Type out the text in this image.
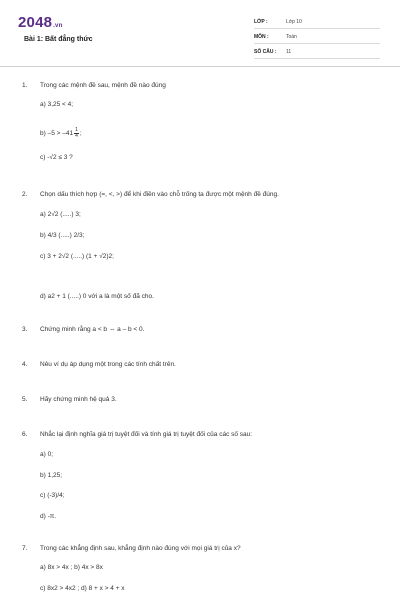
2048.vn
Bài 1: Bất đẳng thức
LỚP :	Lớp 10
MÔN :	Toán
SỐ CÂU : 11
1. Trong các mệnh đề sau, mệnh đề nào đúng
a) 3,25 < 4;
b) $-5 > -41 \frac{1}{4}$ ;
c) -√2 ≤ 3 ?
2. Chọn dấu thích hợp (=, <, >) để khi điền vào chỗ trống ta được một mệnh đề đúng.
a) 2√2 (.....) 3;
b) 4/3 (.....) 2/3;
c) 3 + 2√2 (.....) (1 + √2)2;
d) a2 + 1 (.....) 0 với a là một số đã cho.
3. Chứng minh rằng a < b ⇔ a – b < 0.
4. Nêu ví dụ áp dụng một trong các tính chất trên.
5. Hãy chứng minh hệ quả 3.
6. Nhắc lại định nghĩa giá trị tuyệt đối và tính giá trị tuyệt đối của các số sau:
a) 0;
b) 1,25;
c) (-3)/4;
d) -π.
7. Trong các khẳng định sau, khẳng định nào đúng với mọi giá trị của x?
a) 8x > 4x ; b) 4x > 8x
c) 8x2 > 4x2 ; d) 8 + x > 4 + x
